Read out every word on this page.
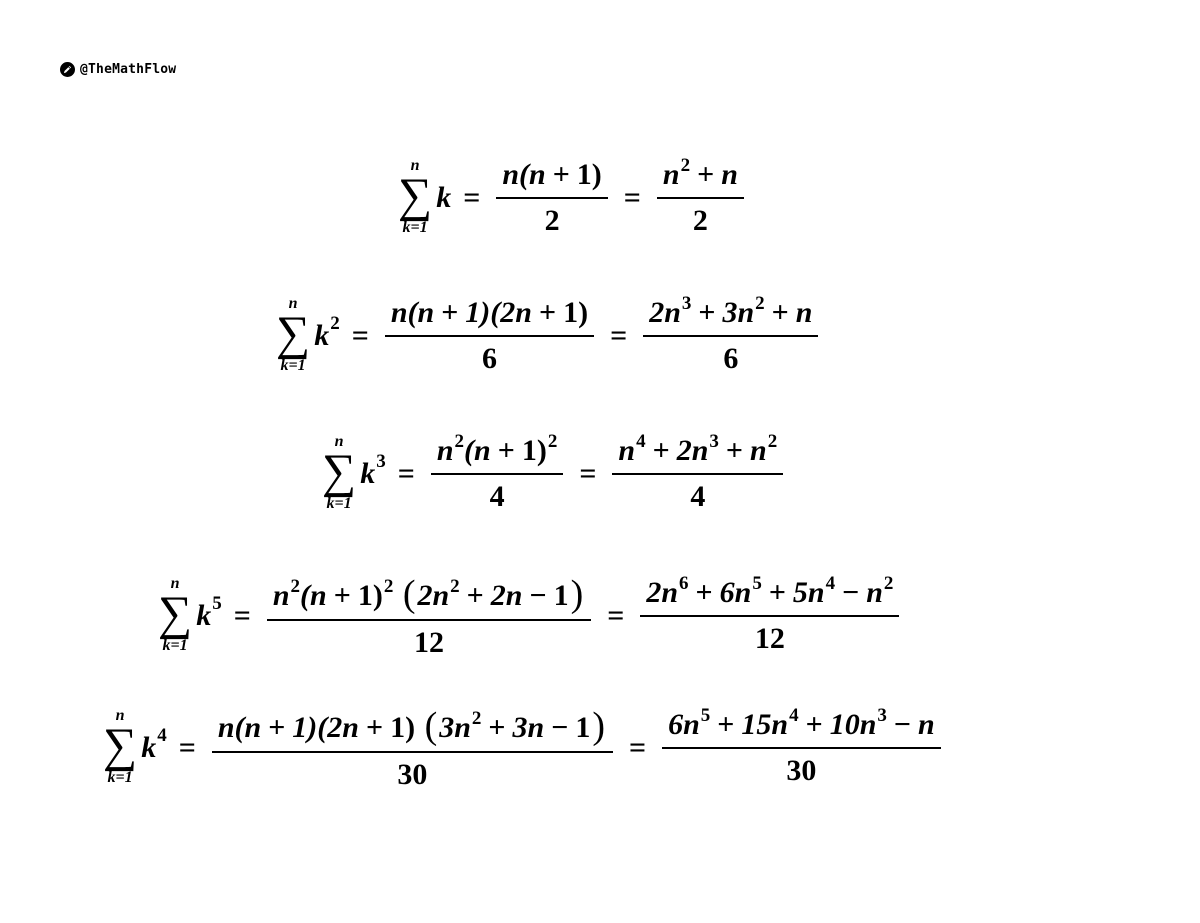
@TheMathFlow
n
∑
k=1
$k = \frac{n(n + 1)}{2} = \frac{n^2 + n}{2}$
n
∑
k=1
k $2 = \frac{n(n + 1)(2n + 1)}{6} = \frac{2n^3 + 3n^2 + n}{6}$
n
∑
k=1
k $3 = \frac{n^2(n + 1)^2}{4} = \frac{n^4 + 2n^3 + n^2}{4}$
n
∑
k=1
k $5 = \frac{n^2(n + 1)^2 (2n^2 + 2n - 1)}{12} = \frac{2n^6 + 6n^5 + 5n^4 - n^2}{12}$
n
∑
k=1
k $4 = \frac{n(n + 1)(2n + 1) (3n^2 + 3n - 1)}{30} = \frac{6n^5 + 15n^4 + 10n^3 - n}{30}$
